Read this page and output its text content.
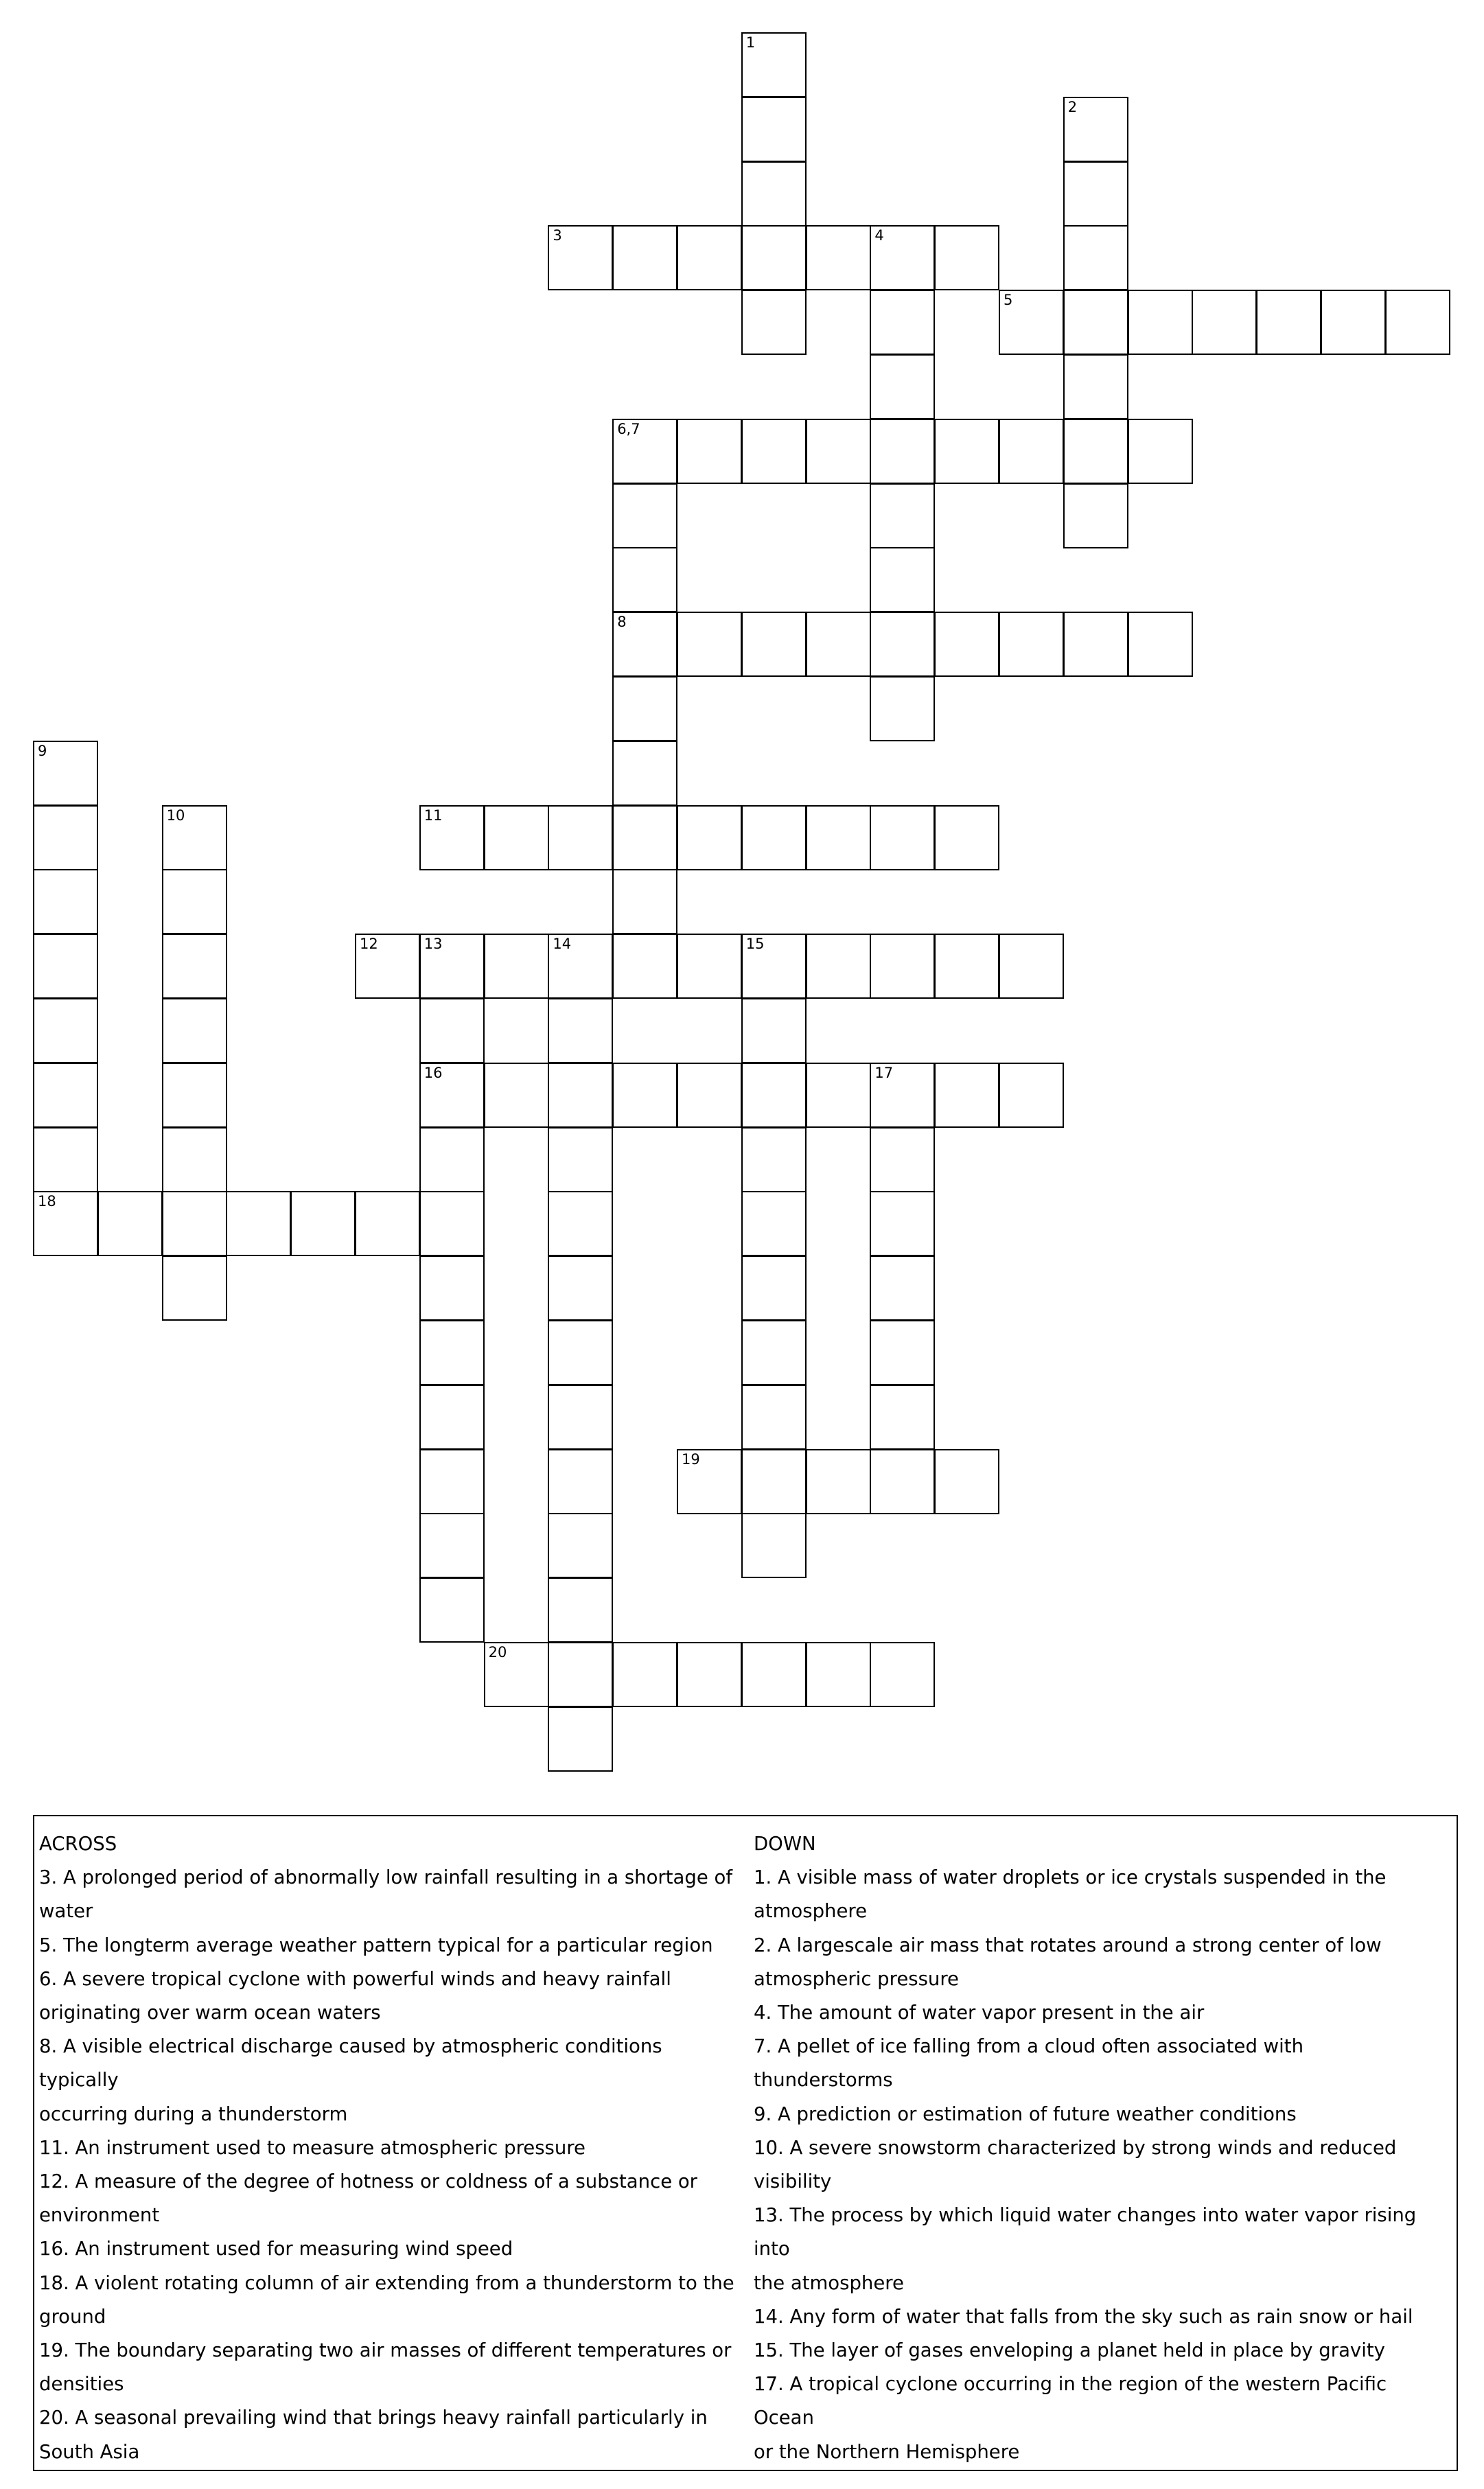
1
2
3	4
5
6,7
8
9
10	11
12	13	14	15
16	17
18
19
20

ACROSS

3. A prolonged period of abnormally low rainfall resulting in a shortage of

water

5. The longterm average weather pattern typical for a particular region

6. A severe tropical cyclone with powerful winds and heavy rainfall

originating over warm ocean waters

8. A visible electrical discharge caused by atmospheric conditions typically

occurring during a thunderstorm

11. An instrument used to measure atmospheric pressure

12. A measure of the degree of hotness or coldness of a substance or

environment

16. An instrument used for measuring wind speed

18. A violent rotating column of air extending from a thunderstorm to the

ground

19. The boundary separating two air masses of different temperatures or

densities

20. A seasonal prevailing wind that brings heavy rainfall particularly in

South Asia

DOWN

1. A visible mass of water droplets or ice crystals suspended in the

atmosphere

2. A largescale air mass that rotates around a strong center of low

atmospheric pressure

4. The amount of water vapor present in the air

7. A pellet of ice falling from a cloud often associated with thunderstorms

9. A prediction or estimation of future weather conditions

10. A severe snowstorm characterized by strong winds and reduced

visibility

13. The process by which liquid water changes into water vapor rising into

the atmosphere

14. Any form of water that falls from the sky such as rain snow or hail

15. The layer of gases enveloping a planet held in place by gravity

17. A tropical cyclone occurring in the region of the western Pacific Ocean

or the Northern Hemisphere
